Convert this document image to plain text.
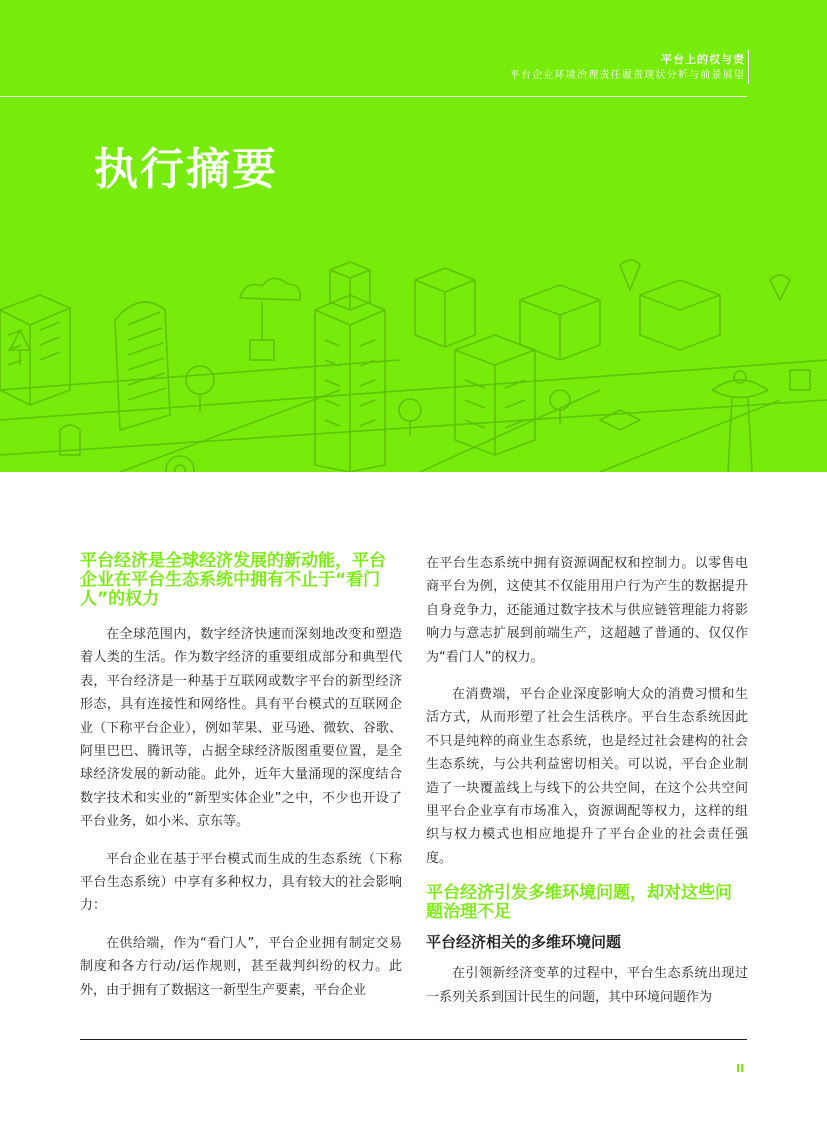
平台上的权与责
平台企业环境治理责任履责现状分析与前景展望
执行摘要
平台经济是全球经济发展的新动能，平台企业在平台生态系统中拥有不止于“看门人”的权力

在全球范围内，数字经济快速而深刻地改变和塑造着人类的生活。作为数字经济的重要组成部分和典型代表，平台经济是一种基于互联网或数字平台的新型经济形态，具有连接性和网络性。具有平台模式的互联网企业（下称平台企业），例如苹果、亚马逊、微软、谷歌、阿里巴巴、腾讯等，占据全球经济版图重要位置，是全球经济发展的新动能。此外，近年大量涌现的深度结合数字技术和实业的“新型实体企业”之中，不少也开设了平台业务，如小米、京东等。

平台企业在基于平台模式而生成的生态系统（下称平台生态系统）中享有多种权力，具有较大的社会影响力：

在供给端，作为“看门人”，平台企业拥有制定交易制度和各方行动/运作规则，甚至裁判纠纷的权力。此外，由于拥有了数据这一新型生产要素，平台企业

在平台生态系统中拥有资源调配权和控制力。以零售电商平台为例，这使其不仅能用用户行为产生的数据提升自身竞争力，还能通过数字技术与供应链管理能力将影响力与意志扩展到前端生产，这超越了普通的、仅仅作为“看门人”的权力。

在消费端，平台企业深度影响大众的消费习惯和生活方式，从而形塑了社会生活秩序。平台生态系统因此不只是纯粹的商业生态系统，也是经过社会建构的社会生态系统，与公共利益密切相关。可以说，平台企业制造了一块覆盖线上与线下的公共空间，在这个公共空间里平台企业享有市场准入，资源调配等权力，这样的组织与权力模式也相应地提升了平台企业的社会责任强度。

平台经济引发多维环境问题，却对这些问题治理不足
平台经济相关的多维环境问题

在引领新经济变革的过程中，平台生态系统出现过一系列关系到国计民生的问题，其中环境问题作为

II
